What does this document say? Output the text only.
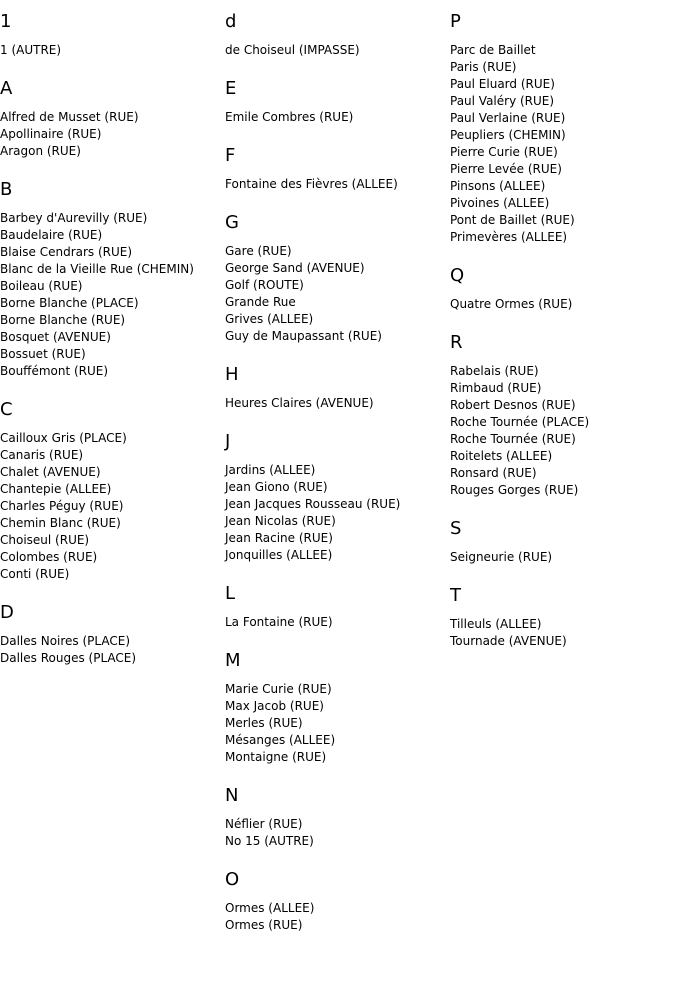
1
1 (AUTRE)
A
Alfred de Musset (RUE)
Apollinaire (RUE)
Aragon (RUE)
B
Barbey d'Aurevilly (RUE)
Baudelaire (RUE)
Blaise Cendrars (RUE)
Blanc de la Vieille Rue (CHEMIN)
Boileau (RUE)
Borne Blanche (PLACE)
Borne Blanche (RUE)
Bosquet (AVENUE)
Bossuet (RUE)
Bouffémont (RUE)
C
Cailloux Gris (PLACE)
Canaris (RUE)
Chalet (AVENUE)
Chantepie (ALLEE)
Charles Péguy (RUE)
Chemin Blanc (RUE)
Choiseul (RUE)
Colombes (RUE)
Conti (RUE)
D
Dalles Noires (PLACE)
Dalles Rouges (PLACE)
d
de Choiseul (IMPASSE)
E
Emile Combres (RUE)
F
Fontaine des Fièvres (ALLEE)
G
Gare (RUE)
George Sand (AVENUE)
Golf (ROUTE)
Grande Rue
Grives (ALLEE)
Guy de Maupassant (RUE)
H
Heures Claires (AVENUE)
J
Jardins (ALLEE)
Jean Giono (RUE)
Jean Jacques Rousseau (RUE)
Jean Nicolas (RUE)
Jean Racine (RUE)
Jonquilles (ALLEE)
L
La Fontaine (RUE)
M
Marie Curie (RUE)
Max Jacob (RUE)
Merles (RUE)
Mésanges (ALLEE)
Montaigne (RUE)
N
Néflier (RUE)
No 15 (AUTRE)
O
Ormes (ALLEE)
Ormes (RUE)
P
Parc de Baillet
Paris (RUE)
Paul Eluard (RUE)
Paul Valéry (RUE)
Paul Verlaine (RUE)
Peupliers (CHEMIN)
Pierre Curie (RUE)
Pierre Levée (RUE)
Pinsons (ALLEE)
Pivoines (ALLEE)
Pont de Baillet (RUE)
Primevères (ALLEE)
Q
Quatre Ormes (RUE)
R
Rabelais (RUE)
Rimbaud (RUE)
Robert Desnos (RUE)
Roche Tournée (PLACE)
Roche Tournée (RUE)
Roitelets (ALLEE)
Ronsard (RUE)
Rouges Gorges (RUE)
S
Seigneurie (RUE)
T
Tilleuls (ALLEE)
Tournade (AVENUE)
